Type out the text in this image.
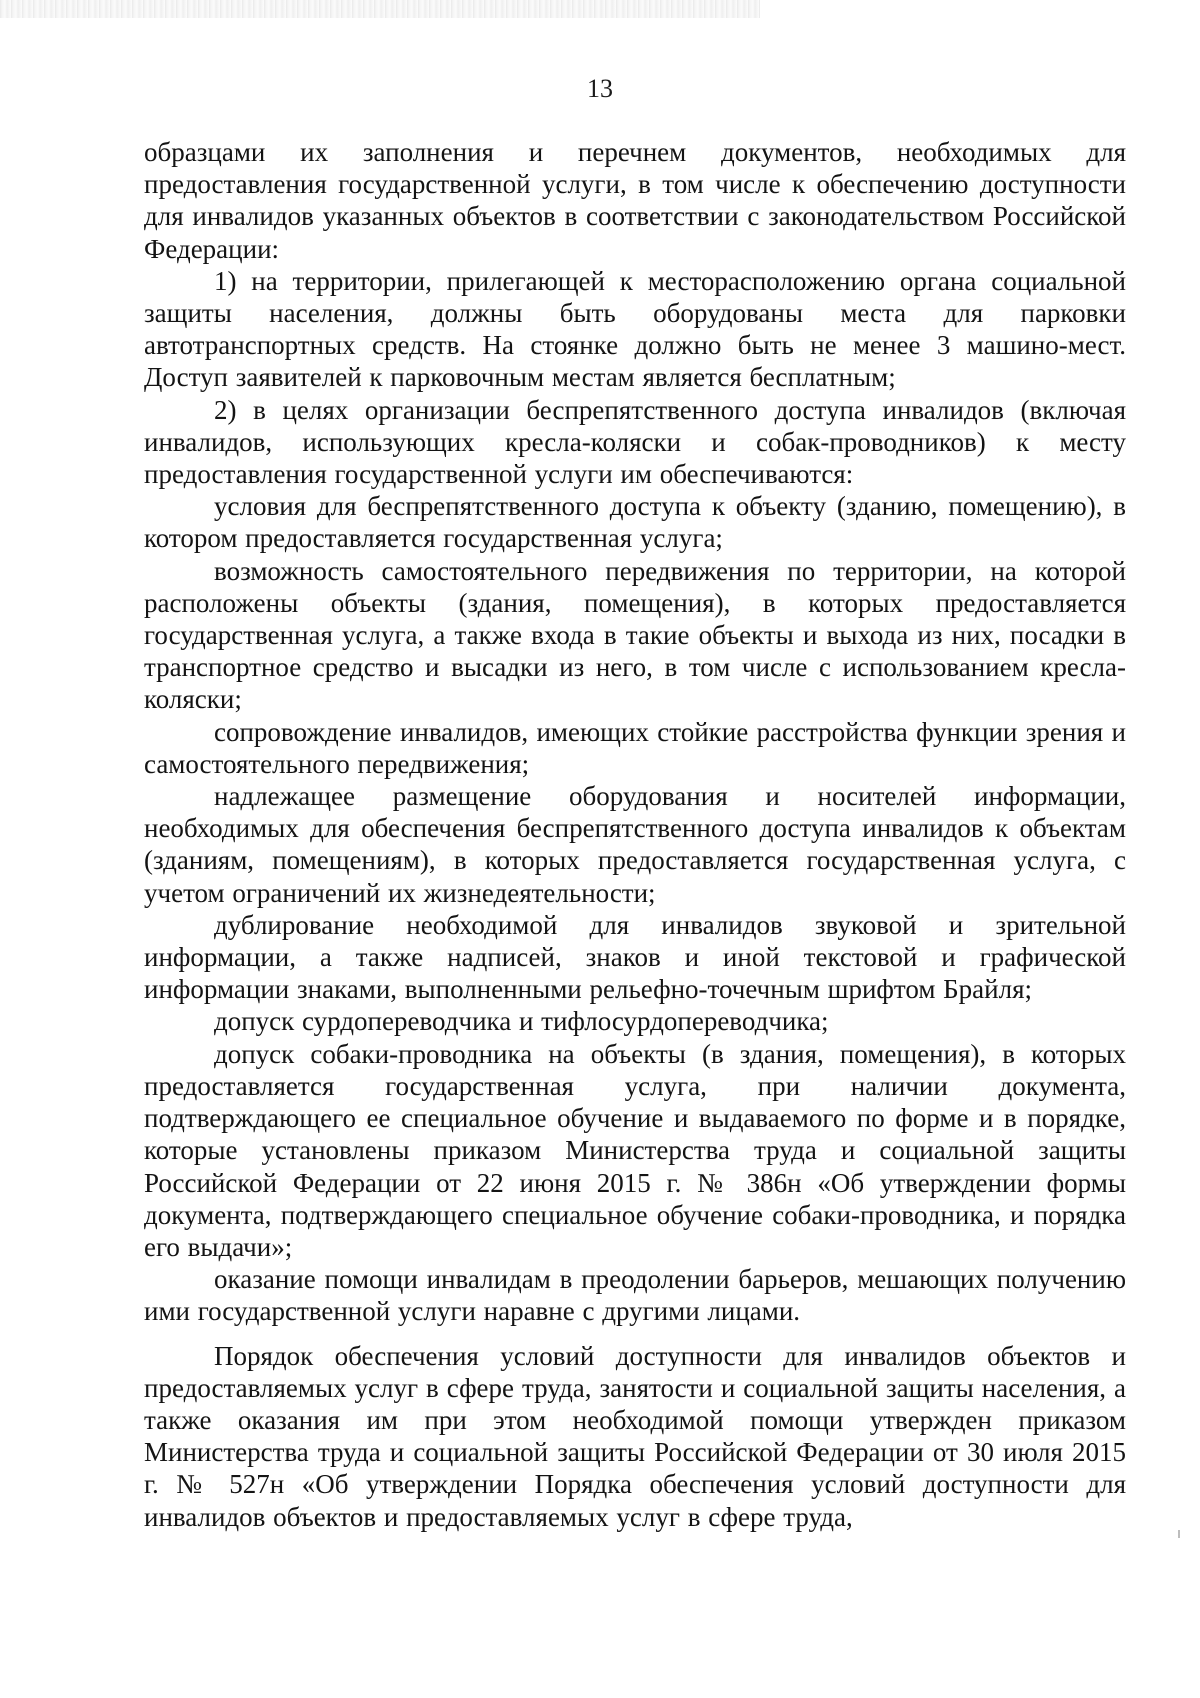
13

образцами их заполнения и перечнем документов, необходимых для предоставления государственной услуги, в том числе к обеспечению доступности для инвалидов указанных объектов в соответствии с законодательством Российской Федерации:

1) на территории, прилегающей к месторасположению органа социальной защиты населения, должны быть оборудованы места для парковки автотранспортных средств. На стоянке должно быть не менее 3 машино-мест. Доступ заявителей к парковочным местам является бесплатным;

2) в целях организации беспрепятственного доступа инвалидов (включая инвалидов, использующих кресла-коляски и собак-проводников) к месту предоставления государственной услуги им обеспечиваются:

условия для беспрепятственного доступа к объекту (зданию, помещению), в котором предоставляется государственная услуга;

возможность самостоятельного передвижения по территории, на которой расположены объекты (здания, помещения), в которых предоставляется государственная услуга, а также входа в такие объекты и выхода из них, посадки в транспортное средство и высадки из него, в том числе с использованием кресла-коляски;

сопровождение инвалидов, имеющих стойкие расстройства функции зрения и самостоятельного передвижения;

надлежащее размещение оборудования и носителей информации, необходимых для обеспечения беспрепятственного доступа инвалидов к объектам (зданиям, помещениям), в которых предоставляется государственная услуга, с учетом ограничений их жизнедеятельности;

дублирование необходимой для инвалидов звуковой и зрительной информации, а также надписей, знаков и иной текстовой и графической информации знаками, выполненными рельефно-точечным шрифтом Брайля;

допуск сурдопереводчика и тифлосурдопереводчика;

допуск собаки-проводника на объекты (в здания, помещения), в которых предоставляется государственная услуга, при наличии документа, подтверждающего ее специальное обучение и выдаваемого по форме и в порядке, которые установлены приказом Министерства труда и социальной защиты Российской Федерации от 22 июня 2015 г. № 386н «Об утверждении формы документа, подтверждающего специальное обучение собаки-проводника, и порядка его выдачи»;

оказание помощи инвалидам в преодолении барьеров, мешающих получению ими государственной услуги наравне с другими лицами.

Порядок обеспечения условий доступности для инвалидов объектов и предоставляемых услуг в сфере труда, занятости и социальной защиты населения, а также оказания им при этом необходимой помощи утвержден приказом Министерства труда и социальной защиты Российской Федерации от 30 июля 2015 г. № 527н «Об утверждении Порядка обеспечения условий доступности для инвалидов объектов и предоставляемых услуг в сфере труда,
